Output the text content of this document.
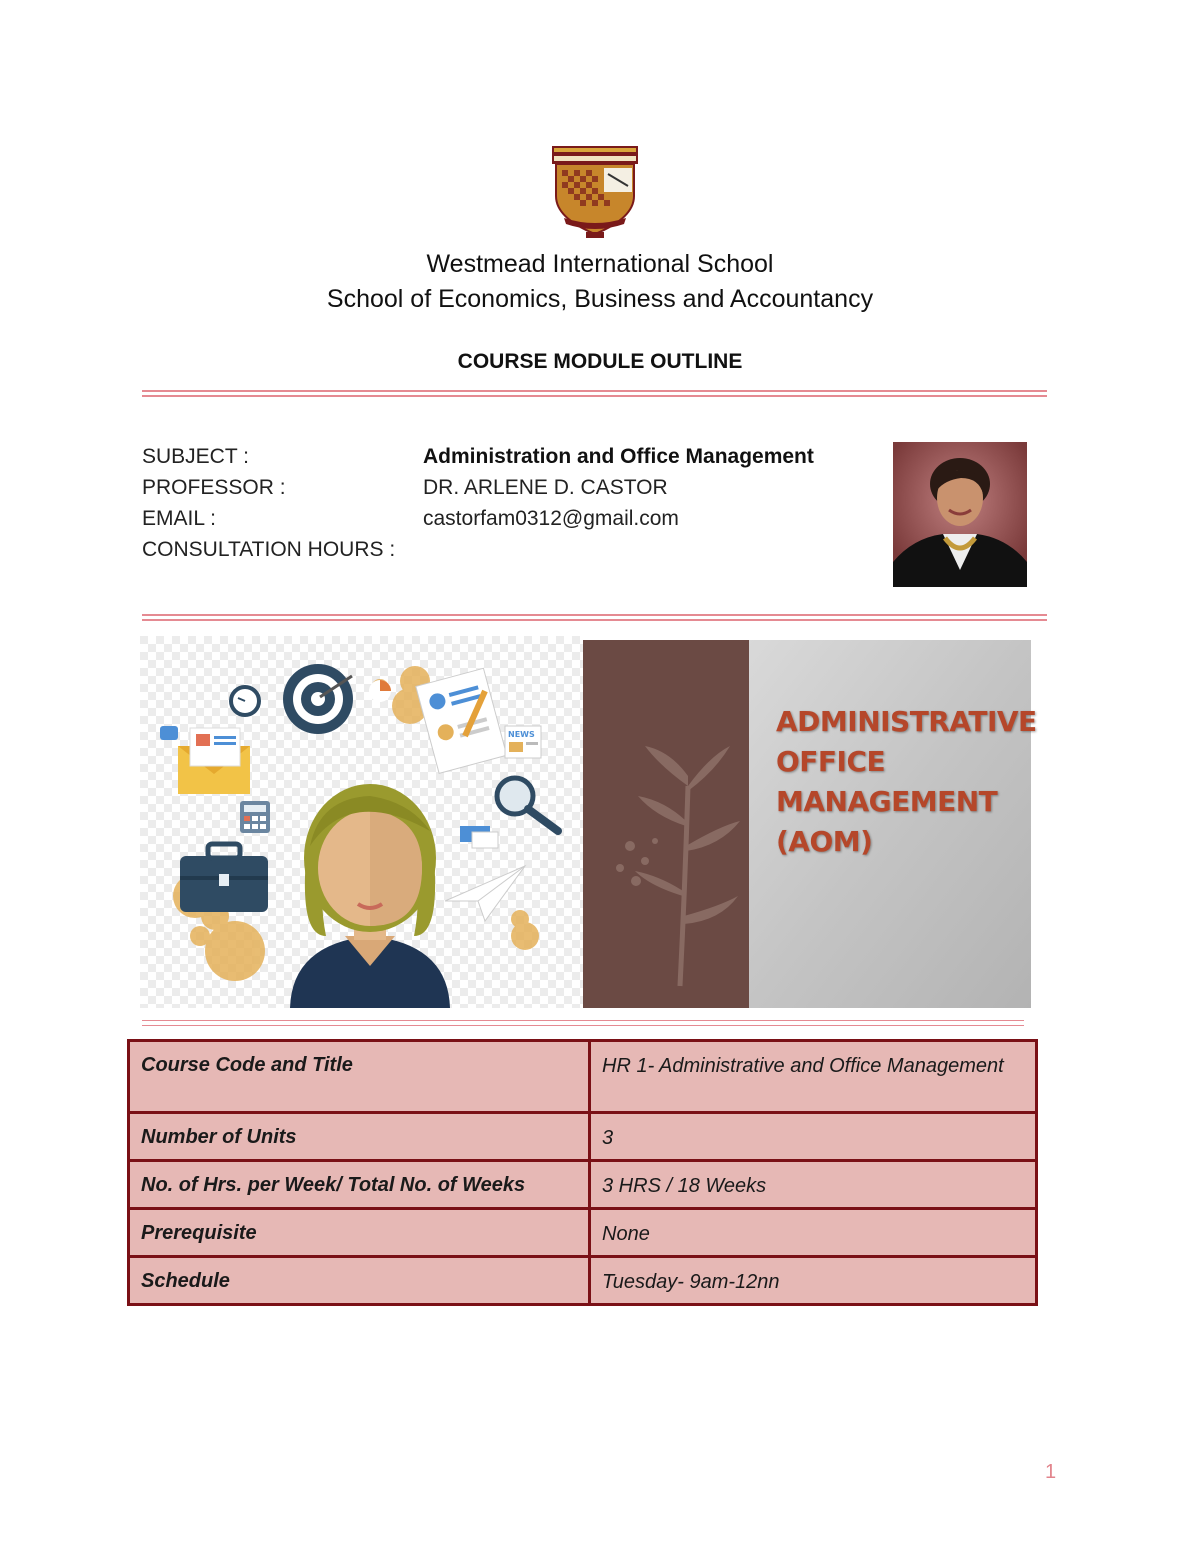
Westmead International School
School of Economics, Business and Accountancy
COURSE MODULE OUTLINE
SUBJECT :	Administration and Office Management
PROFESSOR :	DR. ARLENE D. CASTOR
EMAIL :	castorfam0312@gmail.com
CONSULTATION HOURS :
NEWS	ADMINISTRATIVE
OFFICE
MANAGEMENT
(AOM)
Course Code and Title	HR 1- Administrative and Office Management
Number of Units	3
No. of Hrs. per Week/ Total No. of Weeks	3 HRS / 18 Weeks
Prerequisite	None
Schedule	Tuesday- 9am-12nn
1
